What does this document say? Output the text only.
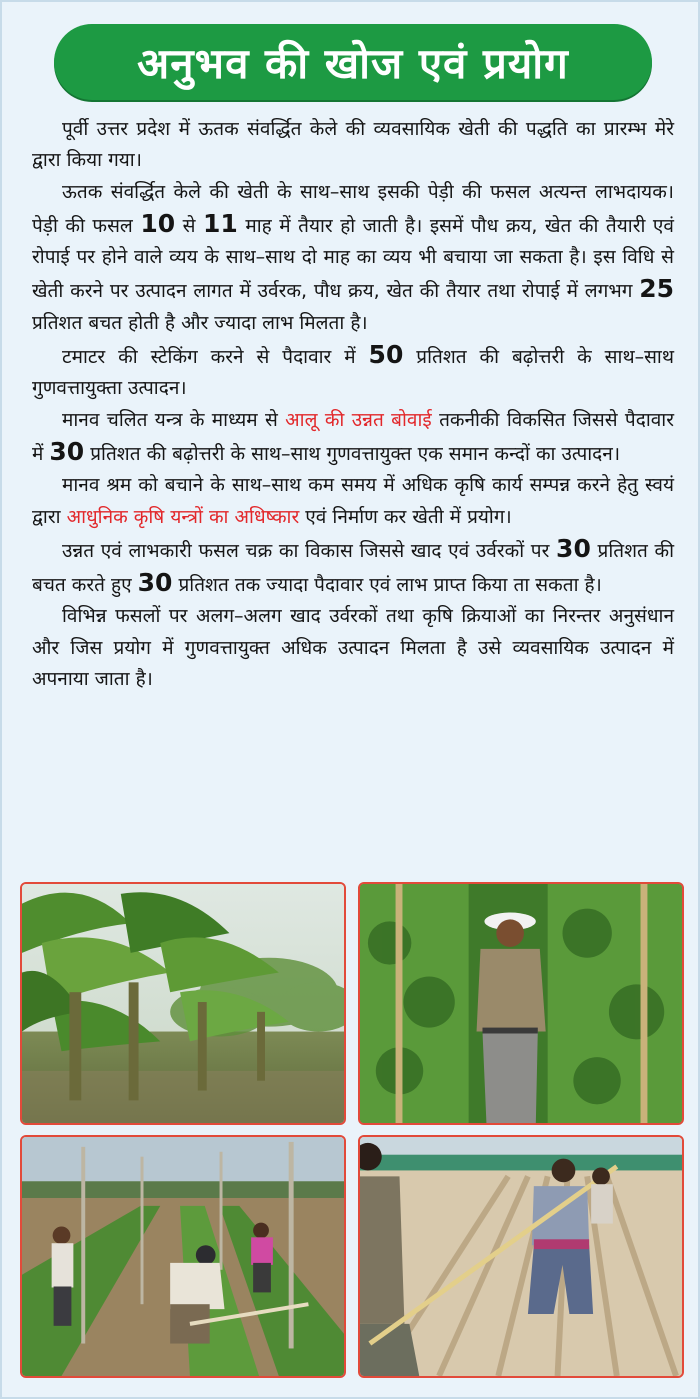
अनुभव की खोज एवं प्रयोग

पूर्वी उत्तर प्रदेश में ऊतक संवर्द्धित केले की व्यवसायिक खेती की पद्धति का प्रारम्भ मेरे द्वारा किया गया।

ऊतक संवर्द्धित केले की खेती के साथ–साथ इसकी पेड़ी की फसल अत्यन्त लाभदायक। पेड़ी की फसल 10 से 11 माह में तैयार हो जाती है। इसमें पौध क्रय, खेत की तैयारी एवं रोपाई पर होने वाले व्यय के साथ–साथ दो माह का व्यय भी बचाया जा सकता है। इस विधि से खेती करने पर उत्पादन लागत में उर्वरक, पौध क्रय, खेत की तैयार तथा रोपाई में लगभग 25 प्रतिशत बचत होती है और ज्यादा लाभ मिलता है।

टमाटर की स्टेकिंग करने से पैदावार में 50 प्रतिशत की बढ़ोत्तरी के साथ–साथ गुणवत्तायुक्ता उत्पादन।

मानव चलित यन्त्र के माध्यम से आलू की उन्नत बोवाई तकनीकी विकसित जिससे पैदावार में 30 प्रतिशत की बढ़ोत्तरी के साथ–साथ गुणवत्तायुक्त एक समान कन्दों का उत्पादन।

मानव श्रम को बचाने के साथ–साथ कम समय में अधिक कृषि कार्य सम्पन्न करने हेतु स्वयं द्वारा आधुनिक कृषि यन्त्रों का अधिष्कार एवं निर्माण कर खेती में प्रयोग।

उन्नत एवं लाभकारी फसल चक्र का विकास जिससे खाद एवं उर्वरकों पर 30 प्रतिशत की बचत करते हुए 30 प्रतिशत तक ज्यादा पैदावार एवं लाभ प्राप्त किया ता सकता है।

विभिन्न फसलों पर अलग–अलग खाद उर्वरकों तथा कृषि क्रियाओं का निरन्तर अनुसंधान और जिस प्रयोग में गुणवत्तायुक्त अधिक उत्पादन मिलता है उसे व्यवसायिक उत्पादन में अपनाया जाता है।
